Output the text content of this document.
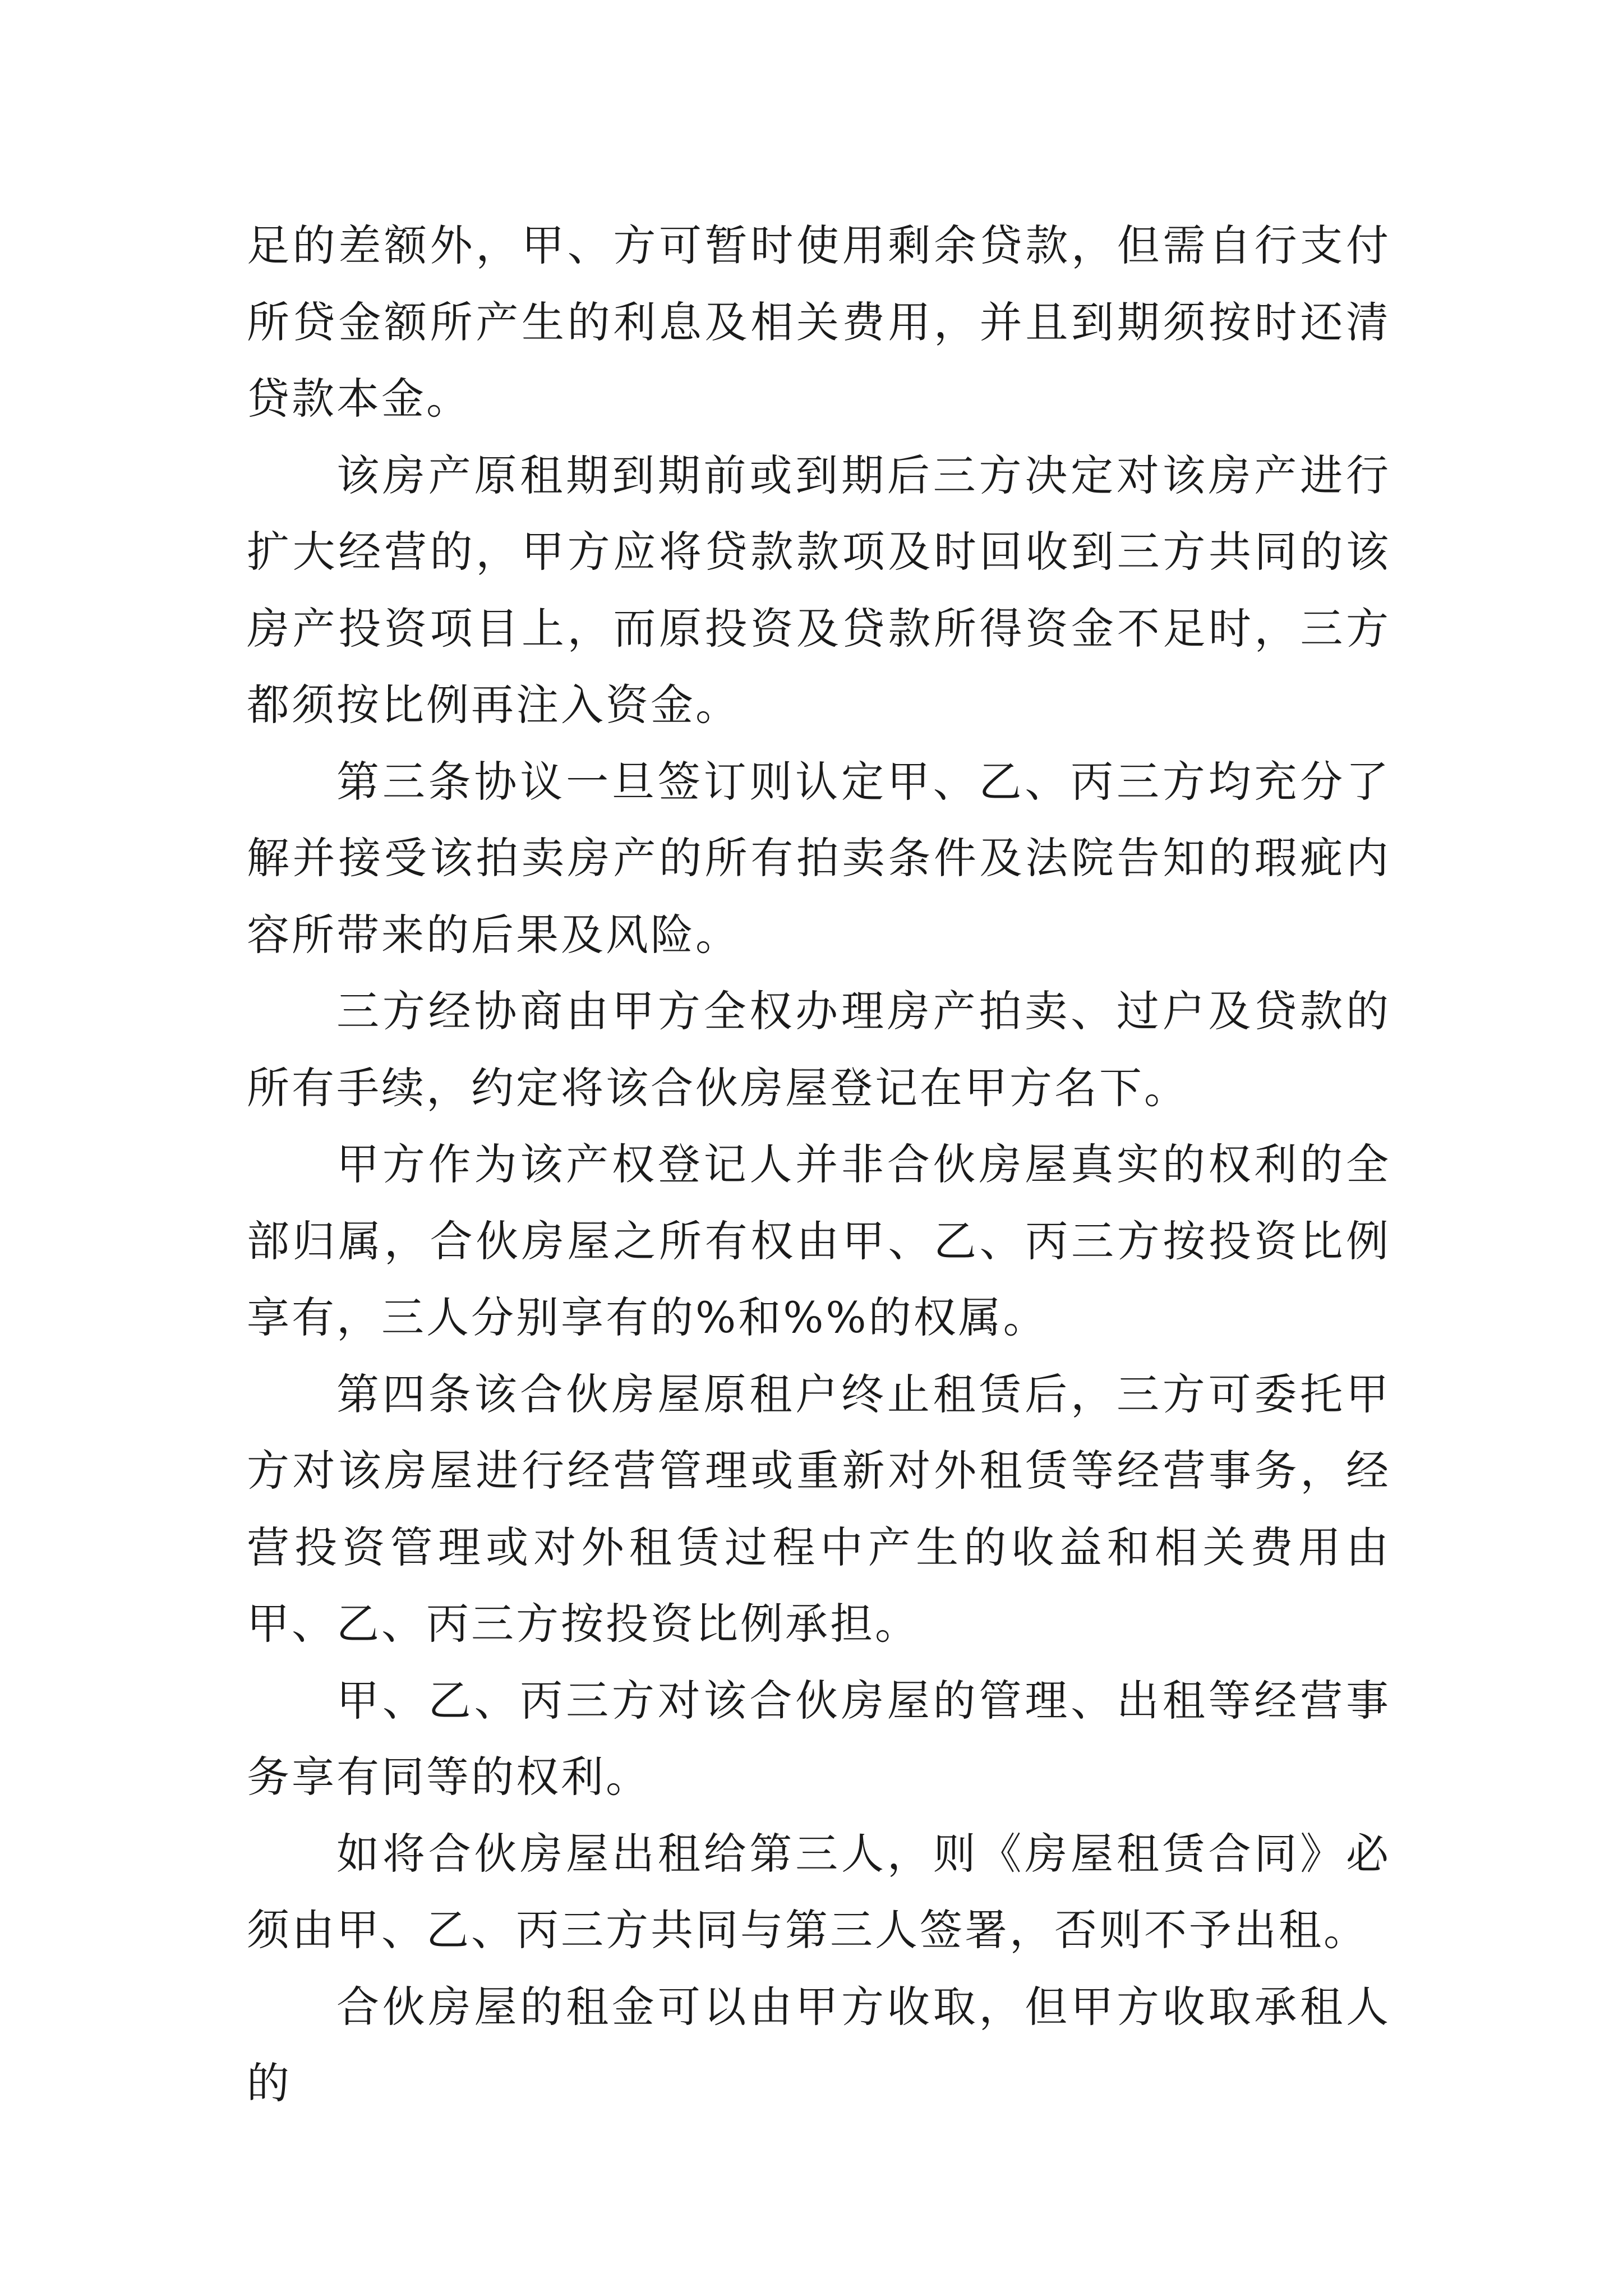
足的差额外，甲、方可暂时使用剩余贷款，但需自行支付所贷金额所产生的利息及相关费用，并且到期须按时还清贷款本金。

该房产原租期到期前或到期后三方决定对该房产进行扩大经营的，甲方应将贷款款项及时回收到三方共同的该房产投资项目上，而原投资及贷款所得资金不足时，三方都须按比例再注入资金。

第三条协议一旦签订则认定甲、乙、丙三方均充分了解并接受该拍卖房产的所有拍卖条件及法院告知的瑕疵内容所带来的后果及风险。

三方经协商由甲方全权办理房产拍卖、过户及贷款的所有手续，约定将该合伙房屋登记在甲方名下。

甲方作为该产权登记人并非合伙房屋真实的权利的全部归属，合伙房屋之所有权由甲、乙、丙三方按投资比例享有，三人分别享有的%和%%的权属。

第四条该合伙房屋原租户终止租赁后，三方可委托甲方对该房屋进行经营管理或重新对外租赁等经营事务，经营投资管理或对外租赁过程中产生的收益和相关费用由甲、乙、丙三方按投资比例承担。

甲、乙、丙三方对该合伙房屋的管理、出租等经营事务享有同等的权利。

如将合伙房屋出租给第三人，则《房屋租赁合同》必须由甲、乙、丙三方共同与第三人签署，否则不予出租。

合伙房屋的租金可以由甲方收取，但甲方收取承租人的
